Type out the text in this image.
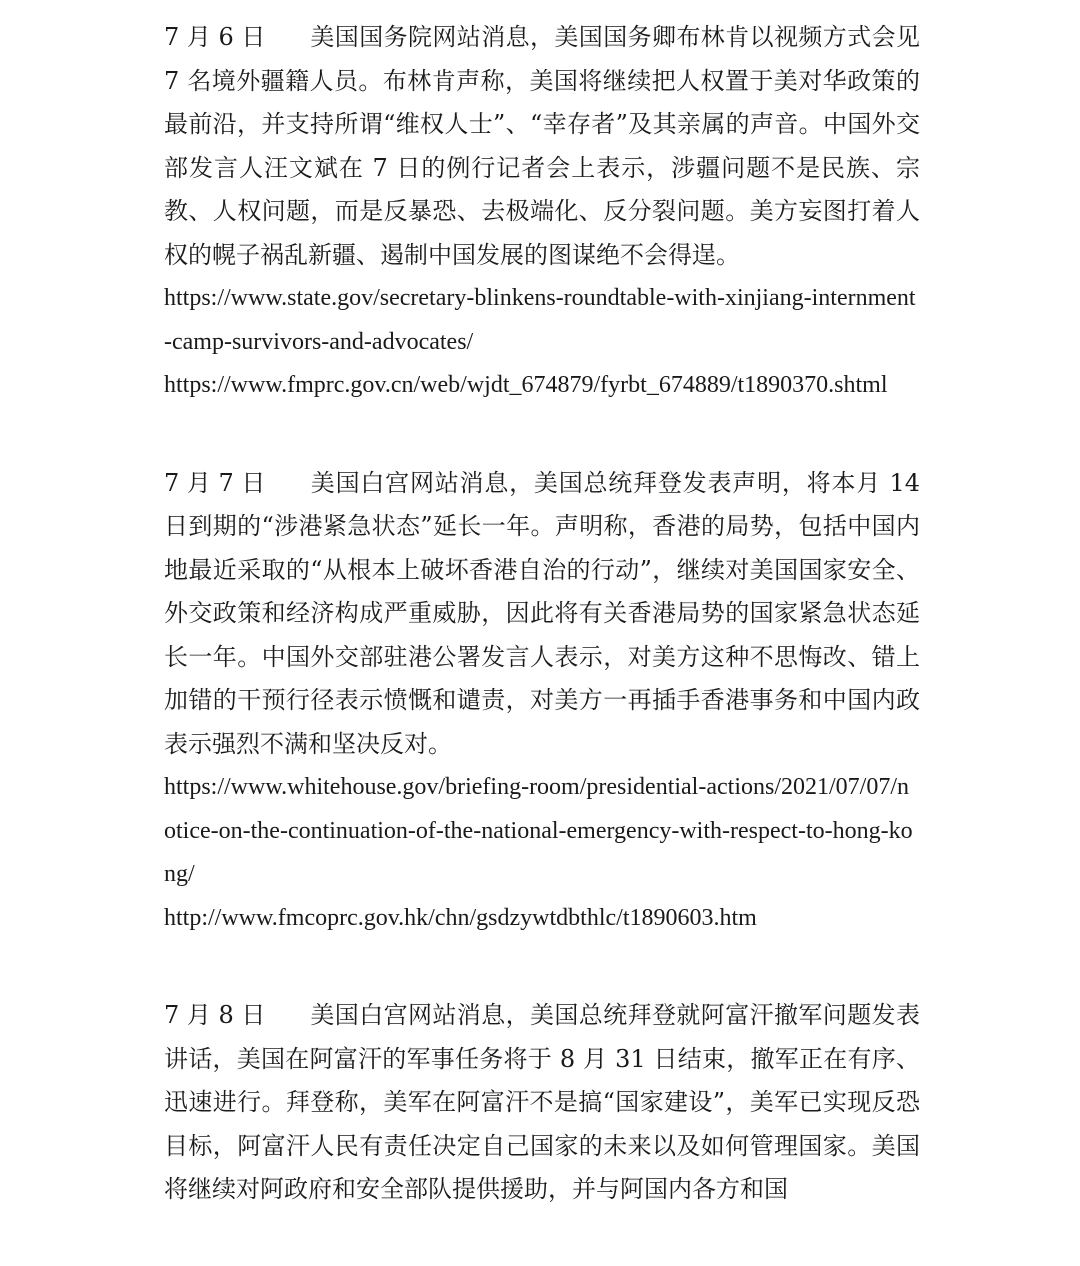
7 月 6 日 美国国务院网站消息，美国国务卿布林肯以视频方式会见 7 名境外疆籍人员。布林肯声称，美国将继续把人权置于美对华政策的最前沿，并支持所谓“维权人士”、“幸存者”及其亲属的声音。中国外交部发言人汪文斌在 7 日的例行记者会上表示，涉疆问题不是民族、宗教、人权问题，而是反暴恐、去极端化、反分裂问题。美方妄图打着人权的幌子祸乱新疆、遏制中国发展的图谋绝不会得逞。

https://www.state.gov/secretary-blinkens-roundtable-with-xinjiang-internment-camp-survivors-and-advocates/

https://www.fmprc.gov.cn/web/wjdt_674879/fyrbt_674889/t1890370.shtml

7 月 7 日 美国白宫网站消息，美国总统拜登发表声明，将本月 14 日到期的“涉港紧急状态”延长一年。声明称，香港的局势，包括中国内地最近采取的“从根本上破坏香港自治的行动”，继续对美国国家安全、外交政策和经济构成严重威胁，因此将有关香港局势的国家紧急状态延长一年。中国外交部驻港公署发言人表示，对美方这种不思悔改、错上加错的干预行径表示愤慨和谴责，对美方一再插手香港事务和中国内政表示强烈不满和坚决反对。

https://www.whitehouse.gov/briefing-room/presidential-actions/2021/07/07/notice-on-the-continuation-of-the-national-emergency-with-respect-to-hong-kong/

http://www.fmcoprc.gov.hk/chn/gsdzywtdbthlc/t1890603.htm

7 月 8 日 美国白宫网站消息，美国总统拜登就阿富汗撤军问题发表讲话，美国在阿富汗的军事任务将于 8 月 31 日结束，撤军正在有序、迅速进行。拜登称，美军在阿富汗不是搞“国家建设”，美军已实现反恐目标，阿富汗人民有责任决定自己国家的未来以及如何管理国家。美国将继续对阿政府和安全部队提供援助，并与阿国内各方和国
